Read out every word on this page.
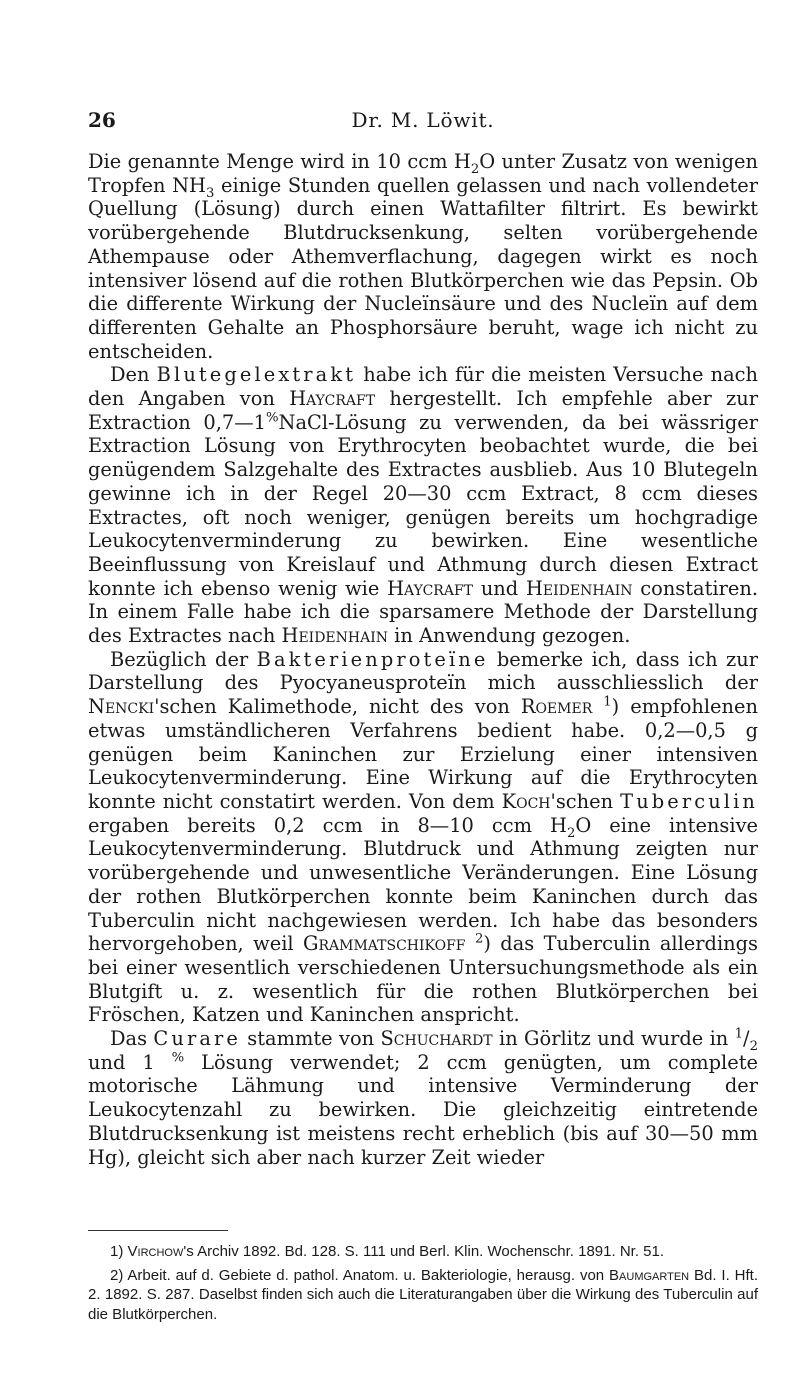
26	Dr. M. Löwit.

Die genannte Menge wird in 10 ccm $H_2O$ unter Zusatz von wenigen Tropfen $NH_3$ einige Stunden quellen gelassen und nach vollendeter Quellung (Lösung) durch einen Wattafilter filtrirt. Es bewirkt vorübergehende Blutdrucksenkung, selten vorübergehende Athempause oder Athemverflachung, dagegen wirkt es noch intensiver lösend auf die rothen Blutkörperchen wie das Pepsin. Ob die differente Wirkung der Nucleïnsäure und des Nucleïn auf dem differenten Gehalte an Phosphorsäure beruht, wage ich nicht zu entscheiden.

Den Blutegelextrakt habe ich für die meisten Versuche nach den Angaben von Haycraft hergestellt. Ich empfehle aber zur Extraction 0,7—1%NaCl-Lösung zu verwenden, da bei wässriger Extraction Lösung von Erythrocyten beobachtet wurde, die bei genügendem Salzgehalte des Extractes ausblieb. Aus 10 Blutegeln gewinne ich in der Regel 20—30 ccm Extract, 8 ccm dieses Extractes, oft noch weniger, genügen bereits um hochgradige Leukocytenverminderung zu bewirken. Eine wesentliche Beeinflussung von Kreislauf und Athmung durch diesen Extract konnte ich ebenso wenig wie Haycraft und Heidenhain constatiren. In einem Falle habe ich die sparsamere Methode der Darstellung des Extractes nach Heidenhain in Anwendung gezogen.

Bezüglich der Bakterienproteïne bemerke ich, dass ich zur Darstellung des Pyocyaneusproteïn mich ausschliesslich der Nencki'schen Kalimethode, nicht des von Roemer $^1$) empfohlenen etwas umständlicheren Verfahrens bedient habe. 0,2—0,5 g genügen beim Kaninchen zur Erzielung einer intensiven Leukocytenverminderung. Eine Wirkung auf die Erythrocyten konnte nicht constatirt werden. Von dem Koch'schen Tuberculin ergaben bereits 0,2 ccm in 8—10 ccm $H_2O$ eine intensive Leukocytenverminderung. Blutdruck und Athmung zeigten nur vorübergehende und unwesentliche Veränderungen. Eine Lösung der rothen Blutkörperchen konnte beim Kaninchen durch das Tuberculin nicht nachgewiesen werden. Ich habe das besonders hervorgehoben, weil Grammatschikoff $^2$) das Tuberculin allerdings bei einer wesentlich verschiedenen Untersuchungsmethode als ein Blutgift u. z. wesentlich für die rothen Blutkörperchen bei Fröschen, Katzen und Kaninchen anspricht.

Das Curare stammte von Schuchardt in Görlitz und wurde in $^1/_2$ und 1 % Lösung verwendet; 2 ccm genügten, um complete motorische Lähmung und intensive Verminderung der Leukocytenzahl zu bewirken. Die gleichzeitig eintretende Blutdrucksenkung ist meistens recht erheblich (bis auf 30—50 mm Hg), gleicht sich aber nach kurzer Zeit wieder

1) Virchow's Archiv 1892. Bd. 128. S. 111 und Berl. Klin. Wochenschr. 1891. Nr. 51.

2) Arbeit. auf d. Gebiete d. pathol. Anatom. u. Bakteriologie, herausg. von Baumgarten Bd. I. Hft. 2. 1892. S. 287. Daselbst finden sich auch die Literaturangaben über die Wirkung des Tuberculin auf die Blutkörperchen.
